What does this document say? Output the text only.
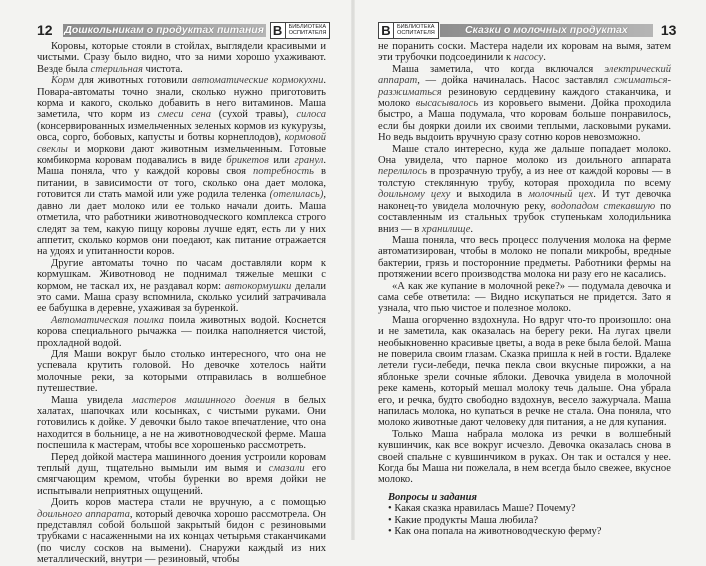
12 Дошкольникам о продуктах питания В	БИБЛИОТЕКА
ОСПИТАТЕЛЯ

Коровы, которые стояли в стойлах, выглядели красивыми и чистыми. Сразу было видно, что за ними хорошо ухаживают. Везде была стерильная чистота.

Корм для животных готовили автоматические кормокухни. Повара-автоматы точно знали, сколько нужно приготовить корма и какого, сколько добавить в него витаминов. Маша заметила, что корм из смеси сена (сухой травы), силоса (консервированных измельченных зеленых кормов из кукурузы, овса, сорго, бобовых, капусты и ботвы корнеплодов), кормовой свеклы и моркови дают животным измельченным. Готовые комбикорма коровам подавались в виде брикетов или гранул. Маша поняла, что у каждой коровы своя потребность в питании, в зависимости от того, сколько она дает молока, готовится ли стать мамой или уже родила теленка (отелилась), давно ли дает молоко или ее только начали доить. Маша отметила, что работники животноводческого комплекса строго следят за тем, какую пищу коровы лучше едят, есть ли у них аппетит, сколько кормов они поедают, как питание отражается на удоях и упитанности коров.

Другие автоматы точно по часам доставляли корм к кормушкам. Животновод не поднимал тяжелые мешки с кормом, не таскал их, не раздавал корм: автокормушки делали это сами. Маша сразу вспомнила, сколько усилий затрачивала ее бабушка в деревне, ухаживая за буренкой.

Автоматическая поилка поила животных водой. Коснется корова специального рычажка — поилка наполняется чистой, прохладной водой.

Для Маши вокруг было столько интересного, что она не успевала крутить головой. Но девочке хотелось найти молочные реки, за которыми отправилась в волшебное путешествие.

Маша увидела мастеров машинного доения в белых халатах, шапочках или косынках, с чистыми руками. Они готовились к дойке. У девочки было такое впечатление, что она находится в больнице, а не на животноводческой ферме. Маша поспешила к мастерам, чтобы все хорошенько рассмотреть.

Перед дойкой мастера машинного доения устроили коровам теплый душ, тщательно вымыли им вымя и смазали его смягчающим кремом, чтобы буренки во время дойки не испытывали неприятных ощущений.

Доить коров мастера стали не вручную, а с помощью доильного аппарата, который девочка хорошо рассмотрела. Он представлял собой большой закрытый бидон с резиновыми трубками с насаженными на их концах четырьмя стаканчиками (по числу сосков на вымени). Снаружи каждый из них металлический, внутри — резиновый, чтобы

В	БИБЛИОТЕКА
ОСПИТАТЕЛЯ	Сказки о молочных продуктах	13

не поранить соски. Мастера надели их коровам на вымя, затем эти трубочки подсоединили к насосу.

Маша заметила, что когда включался электрический аппарат, — дойка начиналась. Насос заставлял сжиматься-разжиматься резиновую сердцевину каждого стаканчика, и молоко высасывалось из коровьего вымени. Дойка проходила быстро, а Маша подумала, что коровам больше понравилось, если бы доярки доили их своими теплыми, ласковыми руками. Но ведь выдоить вручную сразу сотню коров невозможно.

Маше стало интересно, куда же дальше попадает молоко. Она увидела, что парное молоко из доильного аппарата перелилось в прозрачную трубу, а из нее от каждой коровы — в толстую стеклянную трубу, которая проходила по всему доильному цеху и выходила в молочный цех. И тут девочка наконец-то увидела молочную реку, водопадом стекавшую по составленным из стальных трубок ступенькам холодильника вниз — в хранилище.

Маша поняла, что весь процесс получения молока на ферме автоматизирован, чтобы в молоко не попали микробы, вредные бактерии, грязь и посторонние предметы. Работники фермы на протяжении всего производства молока ни разу его не касались.

«А как же купание в молочной реке?» — подумала девочка и сама себе ответила: — Видно искупаться не придется. Зато я узнала, что пью чистое и полезное молоко.

Маша огорченно вздохнула. Но вдруг что-то произошло: она и не заметила, как оказалась на берегу реки. На лугах цвели необыкновенно красивые цветы, а вода в реке была белой. Маша не поверила своим глазам. Сказка пришла к ней в гости. Вдалеке летели гуси-лебеди, печка пекла свои вкусные пирожки, а на яблоньке зрели сочные яблоки. Девочка увидела в молочной реке камень, который мешал молоку течь дальше. Она убрала его, и речка, будто свободно вздохнув, весело зажурчала. Маша напилась молока, но купаться в речке не стала. Она поняла, что молоко животные дают человеку для питания, а не для купания.

Только Маша набрала молока из речки в волшебный кувшинчик, как все вокруг исчезло. Девочка оказалась снова в своей спальне с кувшинчиком в руках. Он так и остался у нее. Когда бы Маша ни пожелала, в нем всегда было свежее, вкусное молоко.

Вопросы и задания
• Какая сказка нравилась Маше? Почему?
• Какие продукты Маша любила?
• Как она попала на животноводческую ферму?
